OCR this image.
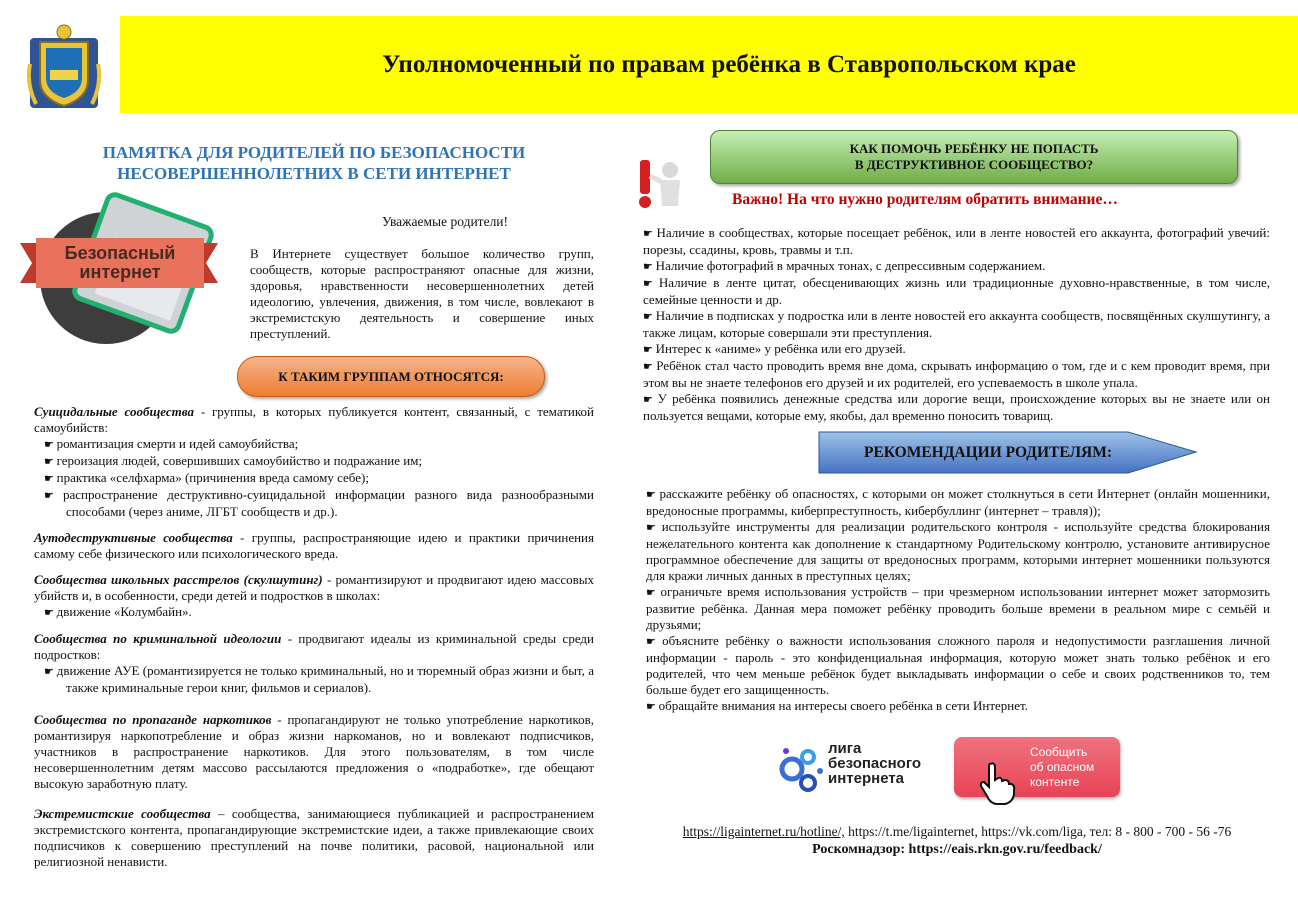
Уполномоченный по правам ребёнка в Ставропольском крае
ПАМЯТКА ДЛЯ РОДИТЕЛЕЙ ПО БЕЗОПАСНОСТИ
НЕСОВЕРШЕННОЛЕТНИХ В СЕТИ ИНТЕРНЕТ
Безопасный
интернет
Уважаемые родители!
В Интернете существует большое количество групп, сообществ, которые распространяют опасные для жизни, здоровья, нравственности несовершеннолетних детей идеологию, увлечения, движения, в том числе, вовлекают в экстремистскую деятельность и совершение иных преступлений.
К ТАКИМ ГРУППАМ ОТНОСЯТСЯ:

Суицидальные сообщества - группы, в которых публикуется контент, связанный, с тематикой самоубийств:

☛ романтизация смерти и идей самоубийства;

☛ героизация людей, совершивших самоубийство и подражание им;

☛ практика «селфхарма» (причинения вреда самому себе);

☛ распространение деструктивно-суицидальной информации разного вида разнообразными способами (через аниме, ЛГБТ сообществ и др.).

Аутодеструктивные сообщества - группы, распространяющие идею и практики причинения самому себе физического или психологического вреда.

Сообщества школьных расстрелов (скулшутинг) - романтизируют и продвигают идею массовых убийств и, в особенности, среди детей и подростков в школах:

☛ движение «Колумбайн».

Сообщества по криминальной идеологии - продвигают идеалы из криминальной среды среди подростков:

☛ движение АУЕ (романтизируется не только криминальный, но и тюремный образ жизни и быт, а также криминальные герои книг, фильмов и сериалов).

Сообщества по пропаганде наркотиков - пропагандируют не только употребление наркотиков, романтизируя наркопотребление и образ жизни наркоманов, но и вовлекают подписчиков, участников в распространение наркотиков. Для этого пользователям, в том числе несовершеннолетним детям массово рассылаются предложения о «подработке», где обещают высокую заработную плату.

Экстремистские сообщества – сообщества, занимающиеся публикацией и распространением экстремистского контента, пропагандирующие экстремистские идеи, а также привлекающие своих подписчиков к совершению преступлений на почве политики, расовой, национальной или религиозной ненависти.

КАК ПОМОЧЬ РЕБЁНКУ НЕ ПОПАСТЬ
В ДЕСТРУКТИВНОЕ СООБЩЕСТВО?
Важно! На что нужно родителям обратить внимание…

☛ Наличие в сообществах, которые посещает ребёнок, или в ленте новостей его аккаунта, фотографий увечий: порезы, ссадины, кровь, травмы и т.п.

☛ Наличие фотографий в мрачных тонах, с депрессивным содержанием.

☛ Наличие в ленте цитат, обесценивающих жизнь или традиционные духовно-нравственные, в том числе, семейные ценности и др.

☛ Наличие в подписках у подростка или в ленте новостей его аккаунта сообществ, посвящённых скулшутингу, а также лицам, которые совершали эти преступления.

☛ Интерес к «аниме» у ребёнка или его друзей.

☛ Ребёнок стал часто проводить время вне дома, скрывать информацию о том, где и с кем проводит время, при этом вы не знаете телефонов его друзей и их родителей, его успеваемость в школе упала.

☛ У ребёнка появились денежные средства или дорогие вещи, происхождение которых вы не знаете или он пользуется вещами, которые ему, якобы, дал временно поносить товарищ.

РЕКОМЕНДАЦИИ РОДИТЕЛЯМ:

☛ расскажите ребёнку об опасностях, с которыми он может столкнуться в сети Интернет (онлайн мошенники, вредоносные программы, киберпреступность, кибербуллинг (интернет – травля));

☛ используйте инструменты для реализации родительского контроля - используйте средства блокирования нежелательного контента как дополнение к стандартному Родительскому контролю, установите антивирусное программное обеспечение для защиты от вредоносных программ, которыми интернет мошенники пользуются для кражи личных данных в преступных целях;

☛ ограничьте время использования устройств – при чрезмерном использовании интернет может затормозить развитие ребёнка. Данная мера поможет ребёнку проводить больше времени в реальном мире с семьёй и друзьями;

☛ объясните ребёнку о важности использования сложного пароля и недопустимости разглашения личной информации - пароль - это конфиденциальная информация, которую может знать только ребёнок и его родителей, что чем меньше ребёнок будет выкладывать информации о себе и своих родственников то, тем больше будет его защищенность.

☛ обращайте внимания на интересы своего ребёнка в сети Интернет.

лига
безопасного
интернета
Сообщить
об опасном
контенте
https://ligainternet.ru/hotline/, https://t.me/ligainternet, https://vk.com/liga, тел: 8 - 800 - 700 - 56 -76
Роскомнадзор: https://eais.rkn.gov.ru/feedback/
